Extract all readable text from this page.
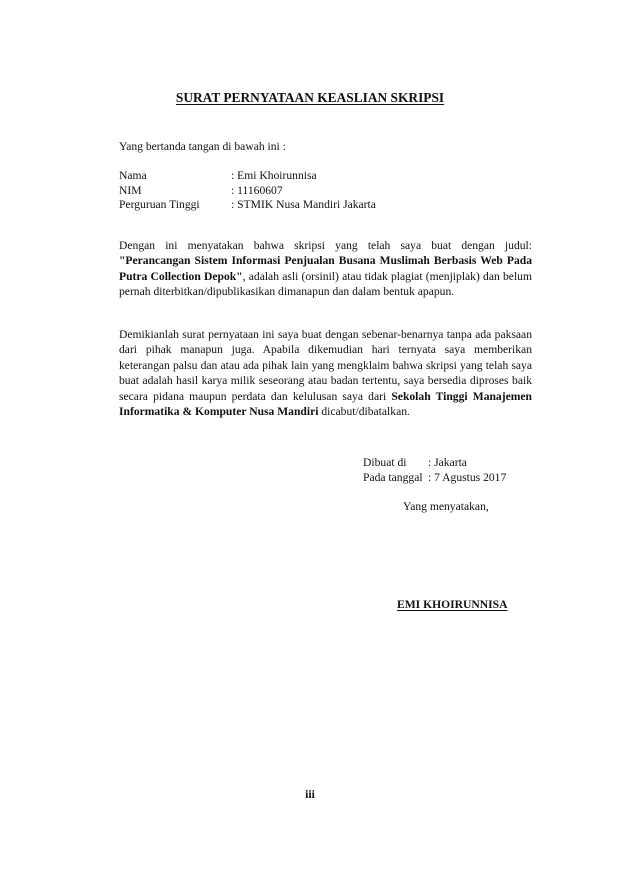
SURAT PERNYATAAN KEASLIAN SKRIPSI
Yang bertanda tangan di bawah ini :
Nama	: Emi Khoirunnisa
NIM	: 11160607
Perguruan Tinggi	: STMIK Nusa Mandiri Jakarta
Dengan ini menyatakan bahwa skripsi yang telah saya buat dengan judul: "Perancangan Sistem Informasi Penjualan Busana Muslimah Berbasis Web Pada Putra Collection Depok", adalah asli (orsinil) atau tidak plagiat (menjiplak) dan belum pernah diterbitkan/dipublikasikan dimanapun dan dalam bentuk apapun.
Demikianlah surat pernyataan ini saya buat dengan sebenar-benarnya tanpa ada paksaan dari pihak manapun juga. Apabila dikemudian hari ternyata saya memberikan keterangan palsu dan atau ada pihak lain yang mengklaim bahwa skripsi yang telah saya buat adalah hasil karya milik seseorang atau badan tertentu, saya bersedia diproses baik secara pidana maupun perdata dan kelulusan saya dari Sekolah Tinggi Manajemen Informatika & Komputer Nusa Mandiri dicabut/dibatalkan.
Dibuat di	: Jakarta
Pada tanggal : 7 Agustus 2017
Yang menyatakan,
EMI KHOIRUNNISA
iii
